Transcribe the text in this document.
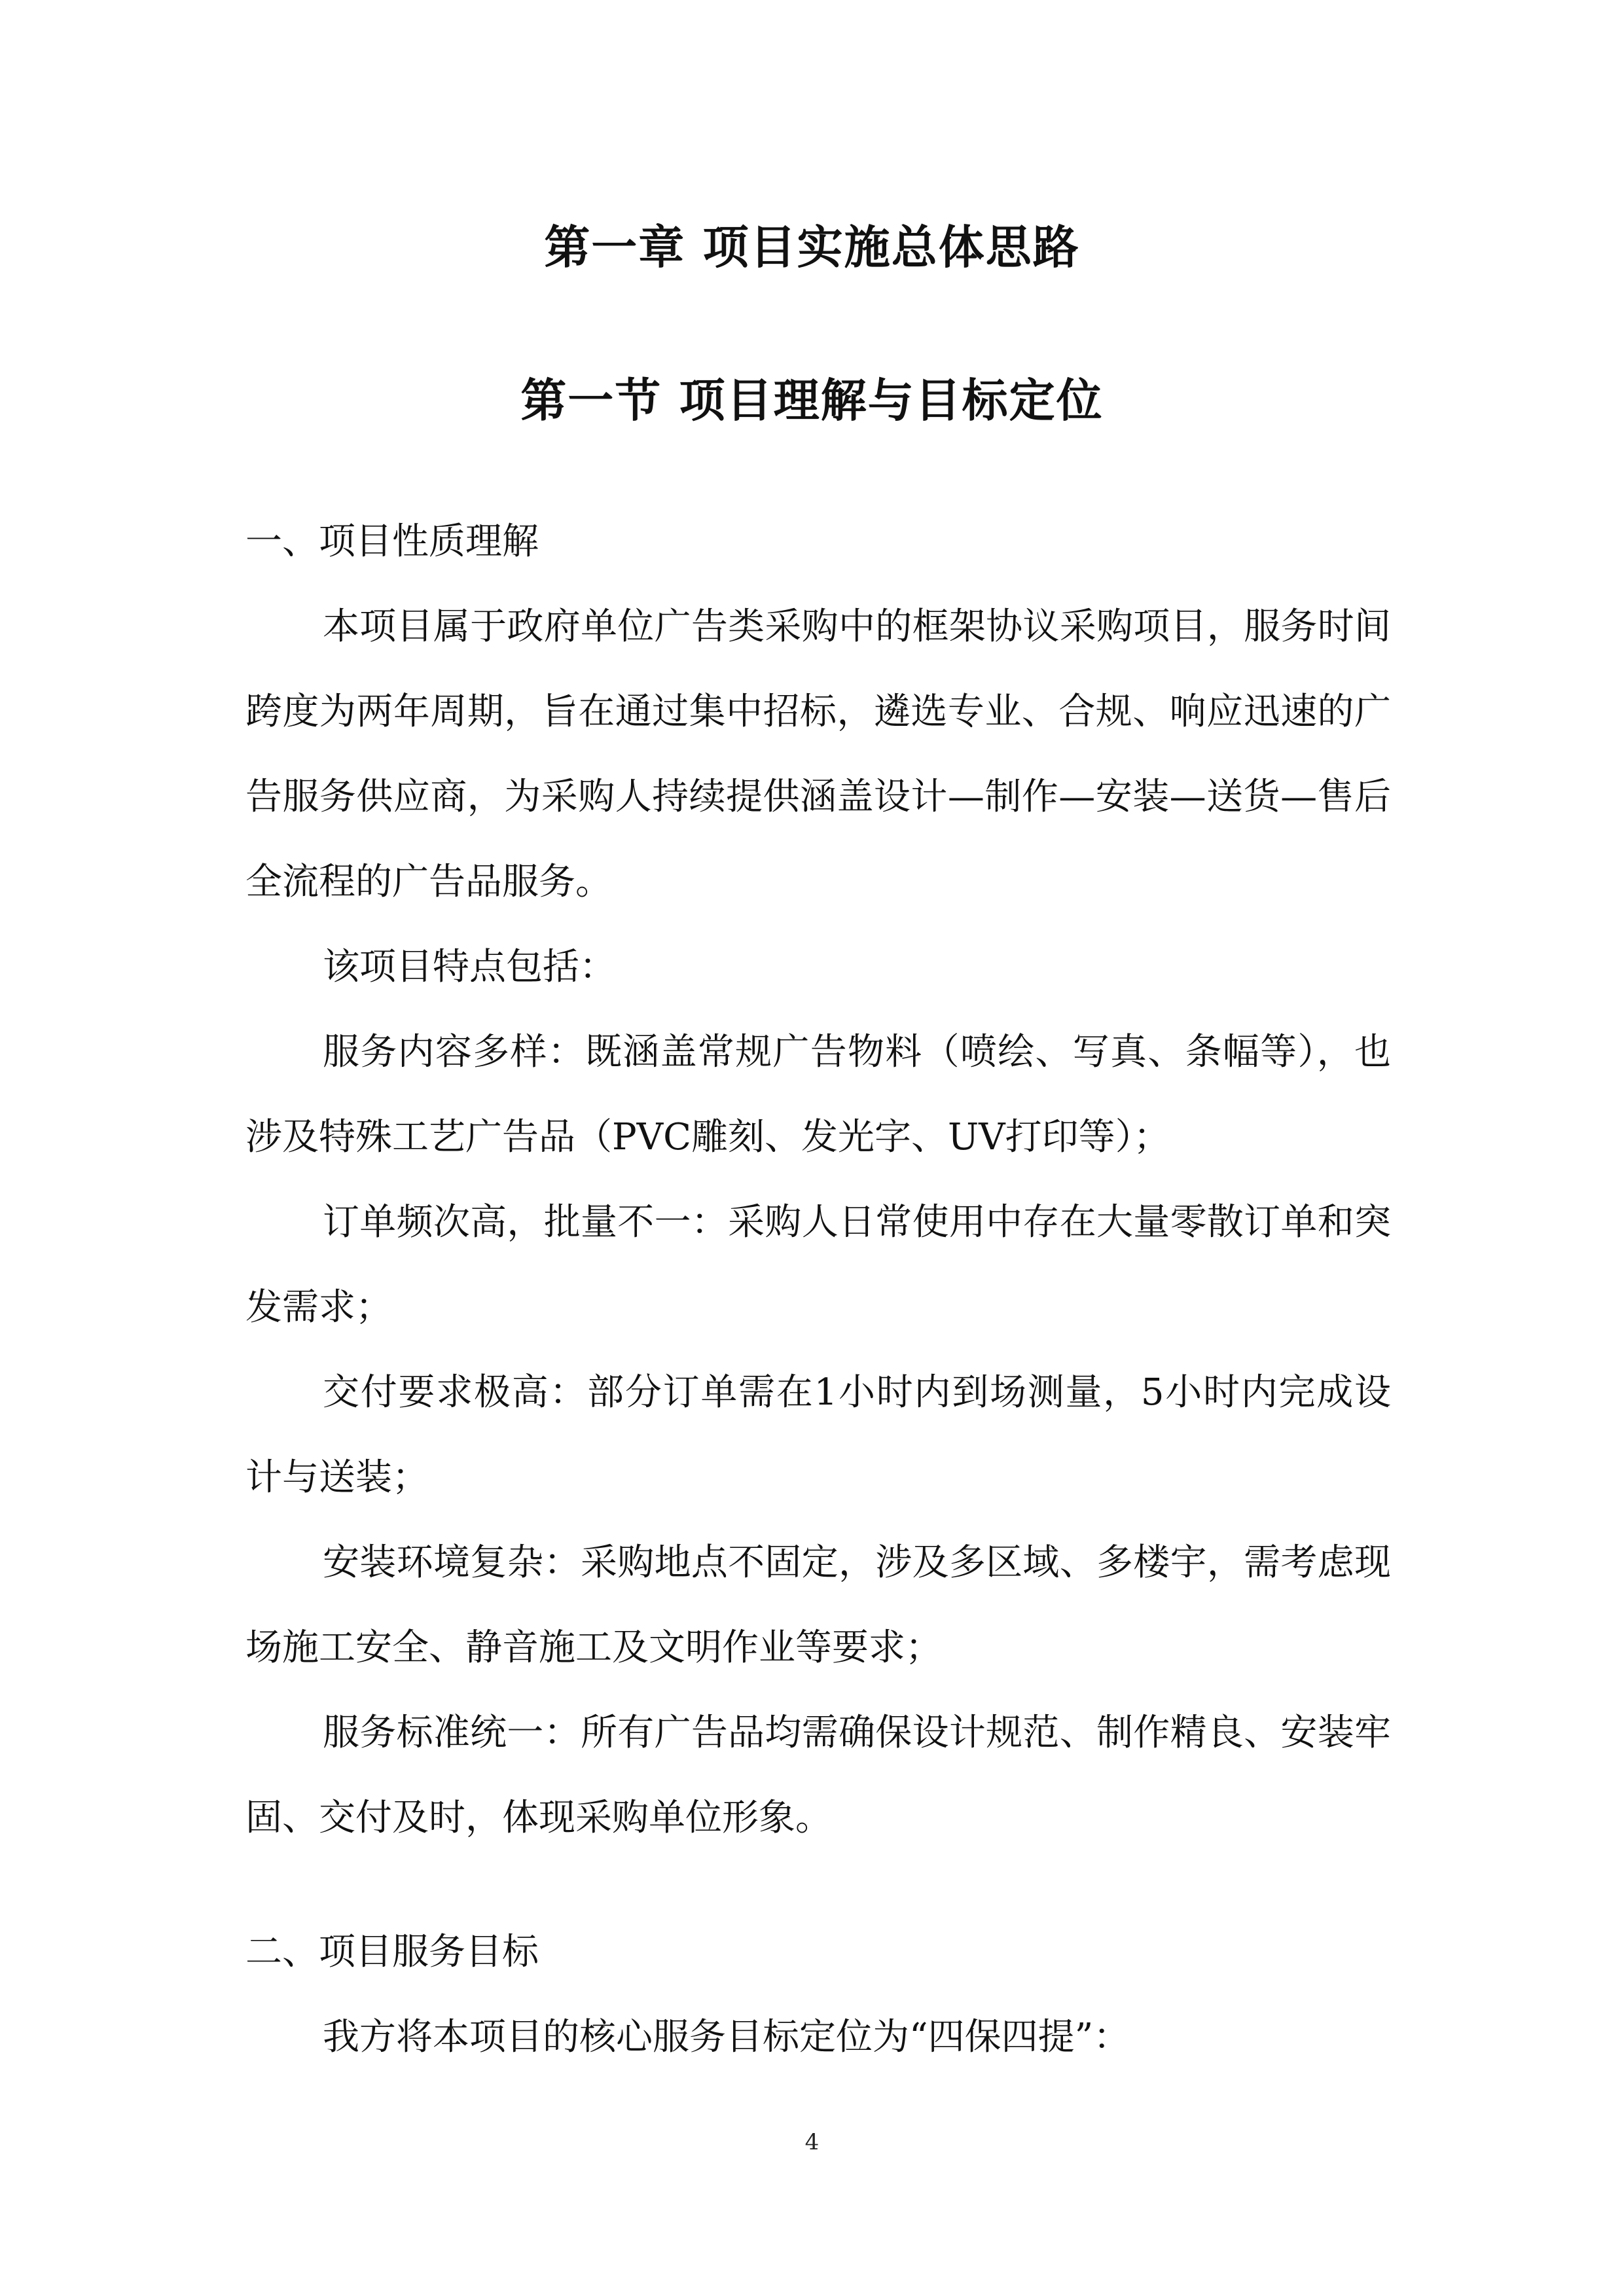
第一章 项目实施总体思路
第一节 项目理解与目标定位

一、项目性质理解

本项目属于政府单位广告类采购中的框架协议采购项目，服务时间跨度为两年周期，旨在通过集中招标，遴选专业、合规、响应迅速的广告服务供应商，为采购人持续提供涵盖设计—制作—安装—送货—售后全流程的广告品服务。

该项目特点包括：

服务内容多样：既涵盖常规广告物料（喷绘、写真、条幅等），也涉及特殊工艺广告品（PVC雕刻、发光字、UV打印等）；

订单频次高，批量不一：采购人日常使用中存在大量零散订单和突发需求；

交付要求极高：部分订单需在1小时内到场测量，5小时内完成设计与送装；

安装环境复杂：采购地点不固定，涉及多区域、多楼宇，需考虑现场施工安全、静音施工及文明作业等要求；

服务标准统一：所有广告品均需确保设计规范、制作精良、安装牢固、交付及时，体现采购单位形象。

二、项目服务目标

我方将本项目的核心服务目标定位为“四保四提”：

4
